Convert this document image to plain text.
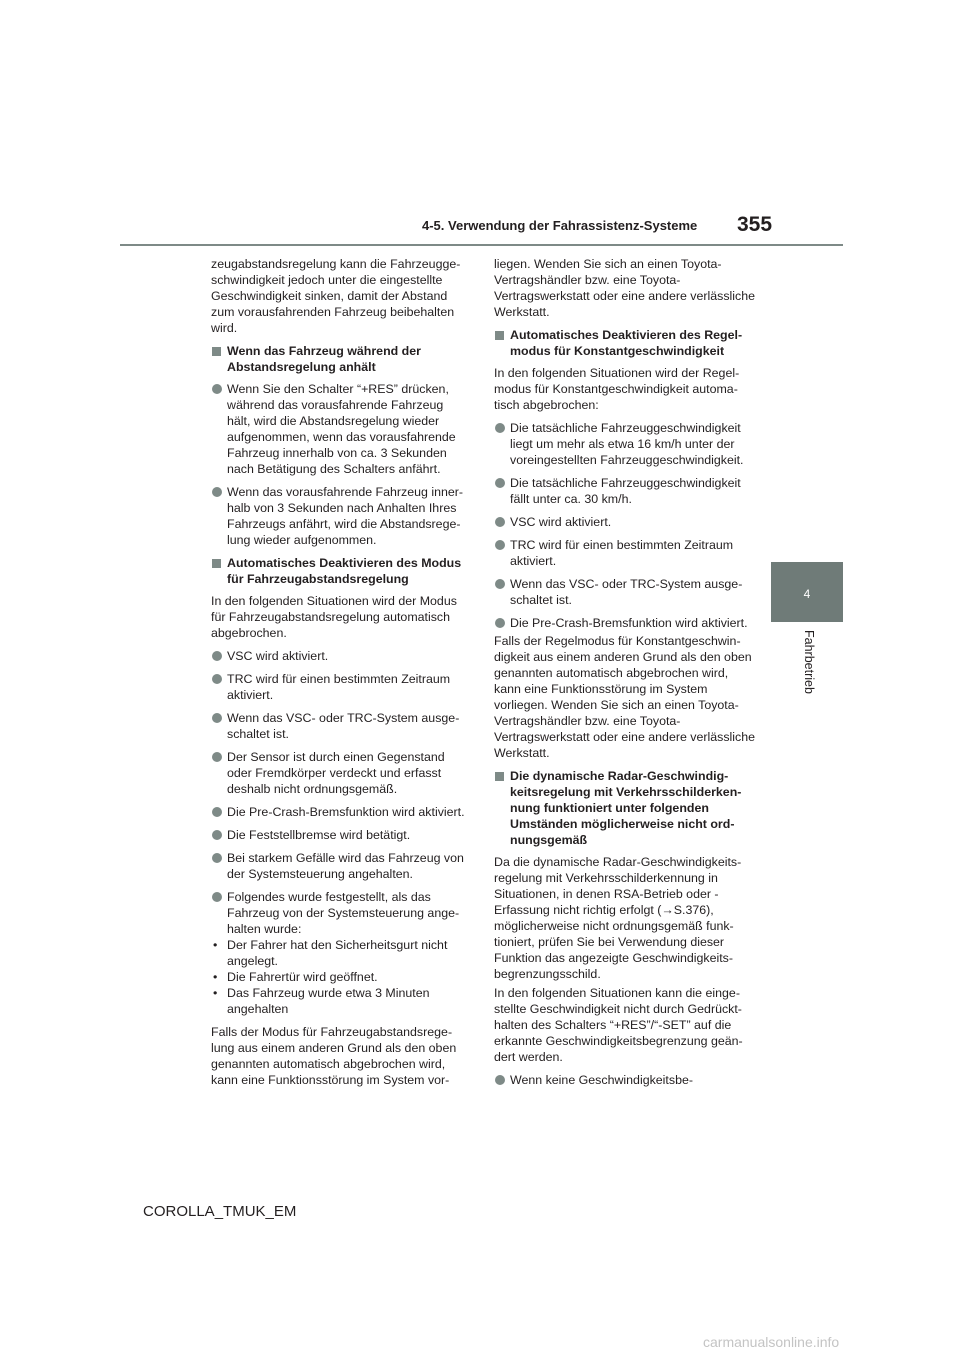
4-5. Verwendung der Fahrassistenz-Systeme 355
4
Fahrbetrieb

zeugabstandsregelung kann die Fahrzeuggeschwindigkeit jedoch unter die eingestellte Geschwindigkeit sinken, damit der Abstand zum vorausfahrenden Fahrzeug beibehalten wird.

Wenn das Fahrzeug während der Abstandsregelung anhält
Wenn Sie den Schalter “+RES” drücken, während das vorausfahrende Fahrzeug hält, wird die Abstandsregelung wieder aufgenommen, wenn das vorausfahrende Fahrzeug innerhalb von ca. 3 Sekunden nach Betätigung des Schalters anfährt.
Wenn das vorausfahrende Fahrzeug innerhalb von 3 Sekunden nach Anhalten Ihres Fahrzeugs anfährt, wird die Abstandsregelung wieder aufgenommen.
Automatisches Deaktivieren des Modus für Fahrzeugabstandsregelung

In den folgenden Situationen wird der Modus für Fahrzeugabstandsregelung automatisch abgebrochen.

VSC wird aktiviert.
TRC wird für einen bestimmten Zeitraum aktiviert.
Wenn das VSC- oder TRC-System ausgeschaltet ist.
Der Sensor ist durch einen Gegenstand oder Fremdkörper verdeckt und erfasst deshalb nicht ordnungsgemäß.
Die Pre-Crash-Bremsfunktion wird aktiviert.
Die Feststellbremse wird betätigt.
Bei starkem Gefälle wird das Fahrzeug von der Systemsteuerung angehalten.
Folgendes wurde festgestellt, als das Fahrzeug von der Systemsteuerung angehalten wurde:
• Der Fahrer hat den Sicherheitsgurt nicht angelegt.
• Die Fahrertür wird geöffnet.
• Das Fahrzeug wurde etwa 3 Minuten angehalten

Falls der Modus für Fahrzeugabstandsregelung aus einem anderen Grund als den oben genannten automatisch abgebrochen wird, kann eine Funktionsstörung im System vor-

liegen. Wenden Sie sich an einen Toyota-Vertragshändler bzw. eine Toyota-Vertragswerkstatt oder eine andere verlässliche Werkstatt.

Automatisches Deaktivieren des Regelmodus für Konstantgeschwindigkeit

In den folgenden Situationen wird der Regelmodus für Konstantgeschwindigkeit automatisch abgebrochen:

Die tatsächliche Fahrzeuggeschwindigkeit liegt um mehr als etwa 16 km/h unter der voreingestellten Fahrzeuggeschwindigkeit.
Die tatsächliche Fahrzeuggeschwindigkeit fällt unter ca. 30 km/h.
VSC wird aktiviert.
TRC wird für einen bestimmten Zeitraum aktiviert.
Wenn das VSC- oder TRC-System ausgeschaltet ist.
Die Pre-Crash-Bremsfunktion wird aktiviert.

Falls der Regelmodus für Konstantgeschwindigkeit aus einem anderen Grund als den oben genannten automatisch abgebrochen wird, kann eine Funktionsstörung im System vorliegen. Wenden Sie sich an einen Toyota-Vertragshändler bzw. eine Toyota-Vertragswerkstatt oder eine andere verlässliche Werkstatt.

Die dynamische Radar-Geschwindigkeitsregelung mit Verkehrsschilderkennung funktioniert unter folgenden Umständen möglicherweise nicht ordnungsgemäß

Da die dynamische Radar-Geschwindigkeitsregelung mit Verkehrsschilderkennung in Situationen, in denen RSA-Betrieb oder -Erfassung nicht richtig erfolgt (→S.376), möglicherweise nicht ordnungsgemäß funktioniert, prüfen Sie bei Verwendung dieser Funktion das angezeigte Geschwindigkeitsbegrenzungsschild.

In den folgenden Situationen kann die eingestellte Geschwindigkeit nicht durch Gedrückthalten des Schalters “+RES”/“-SET” auf die erkannte Geschwindigkeitsbegrenzung geändert werden.

Wenn keine Geschwindigkeitsbe-
COROLLA_TMUK_EM
carmanualsonline.info
